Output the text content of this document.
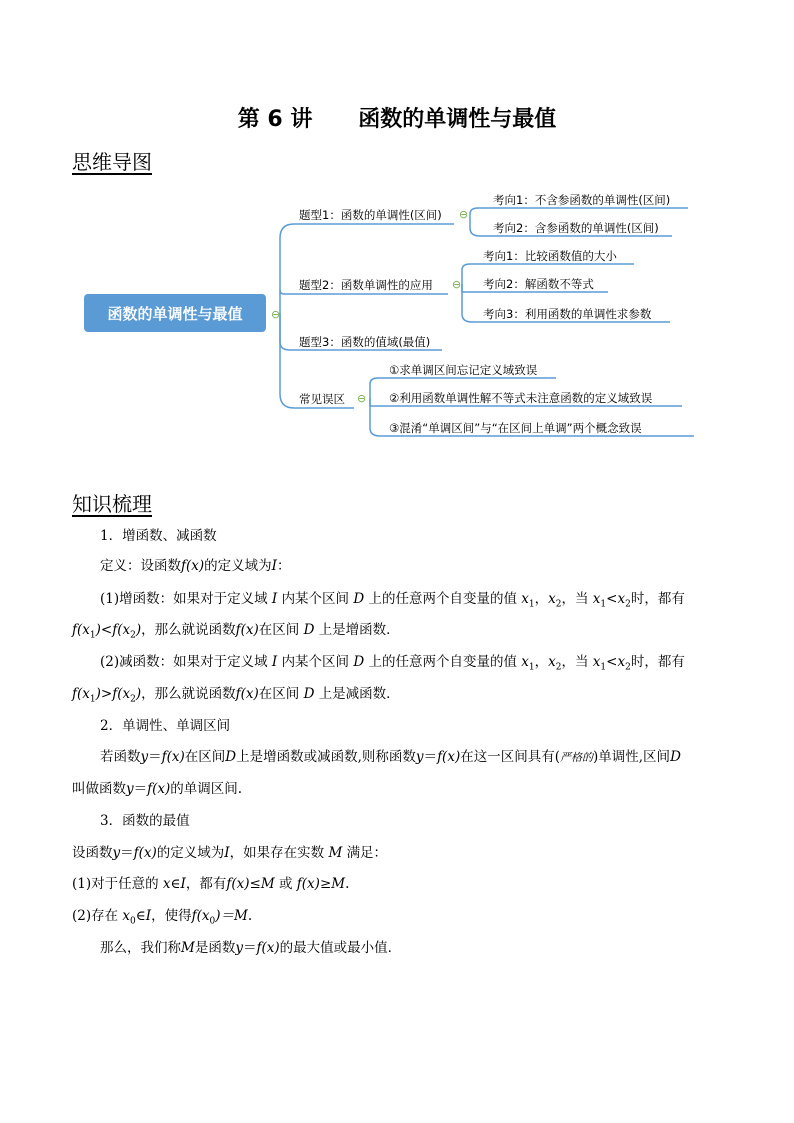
第 6 讲      函数的单调性与最值
思维导图
函数的单调性与最值	⊖
题型1：函数的单调性(区间)
题型2：函数单调性的应用
题型3：函数的值域(最值)
常见误区
⊖
⊖
⊖
考向1：不含参函数的单调性(区间)
考向2：含参函数的单调性(区间)
考向1：比较函数值的大小
考向2：解函数不等式
考向3：利用函数的单调性求参数
①求单调区间忘记定义域致误
②利用函数单调性解不等式未注意函数的定义域致误
③混淆“单调区间”与“在区间上单调”两个概念致误
知识梳理
1．增函数、减函数
定义：设函数f(x)的定义域为I：
(1)增函数：如果对于定义域 I 内某个区间 D 上的任意两个自变量的值 $x_1$，$x_2$，当 $x_1<x_2$时，都有
$f(x_1)<f(x_2)$，那么就说函数f(x)在区间 D 上是增函数．
(2)减函数：如果对于定义域 I 内某个区间 D 上的任意两个自变量的值 $x_1$，$x_2$，当 $x_1<x_2$时，都有
$f(x_1)>f(x_2)$，那么就说函数f(x)在区间 D 上是减函数．
2．单调性、单调区间
若函数y＝f(x)在区间D上是增函数或减函数,则称函数y＝f(x)在这一区间具有(严格的)单调性,区间D
叫做函数y＝f(x)的单调区间.
3．函数的最值
设函数y＝f(x)的定义域为I，如果存在实数 M 满足：
(1)对于任意的 x∈I，都有f(x)≤M 或 f(x)≥M.
(2)存在 $x_0\in I$，使得$f(x_0)=M$.
那么，我们称M是函数y＝f(x)的最大值或最小值．
